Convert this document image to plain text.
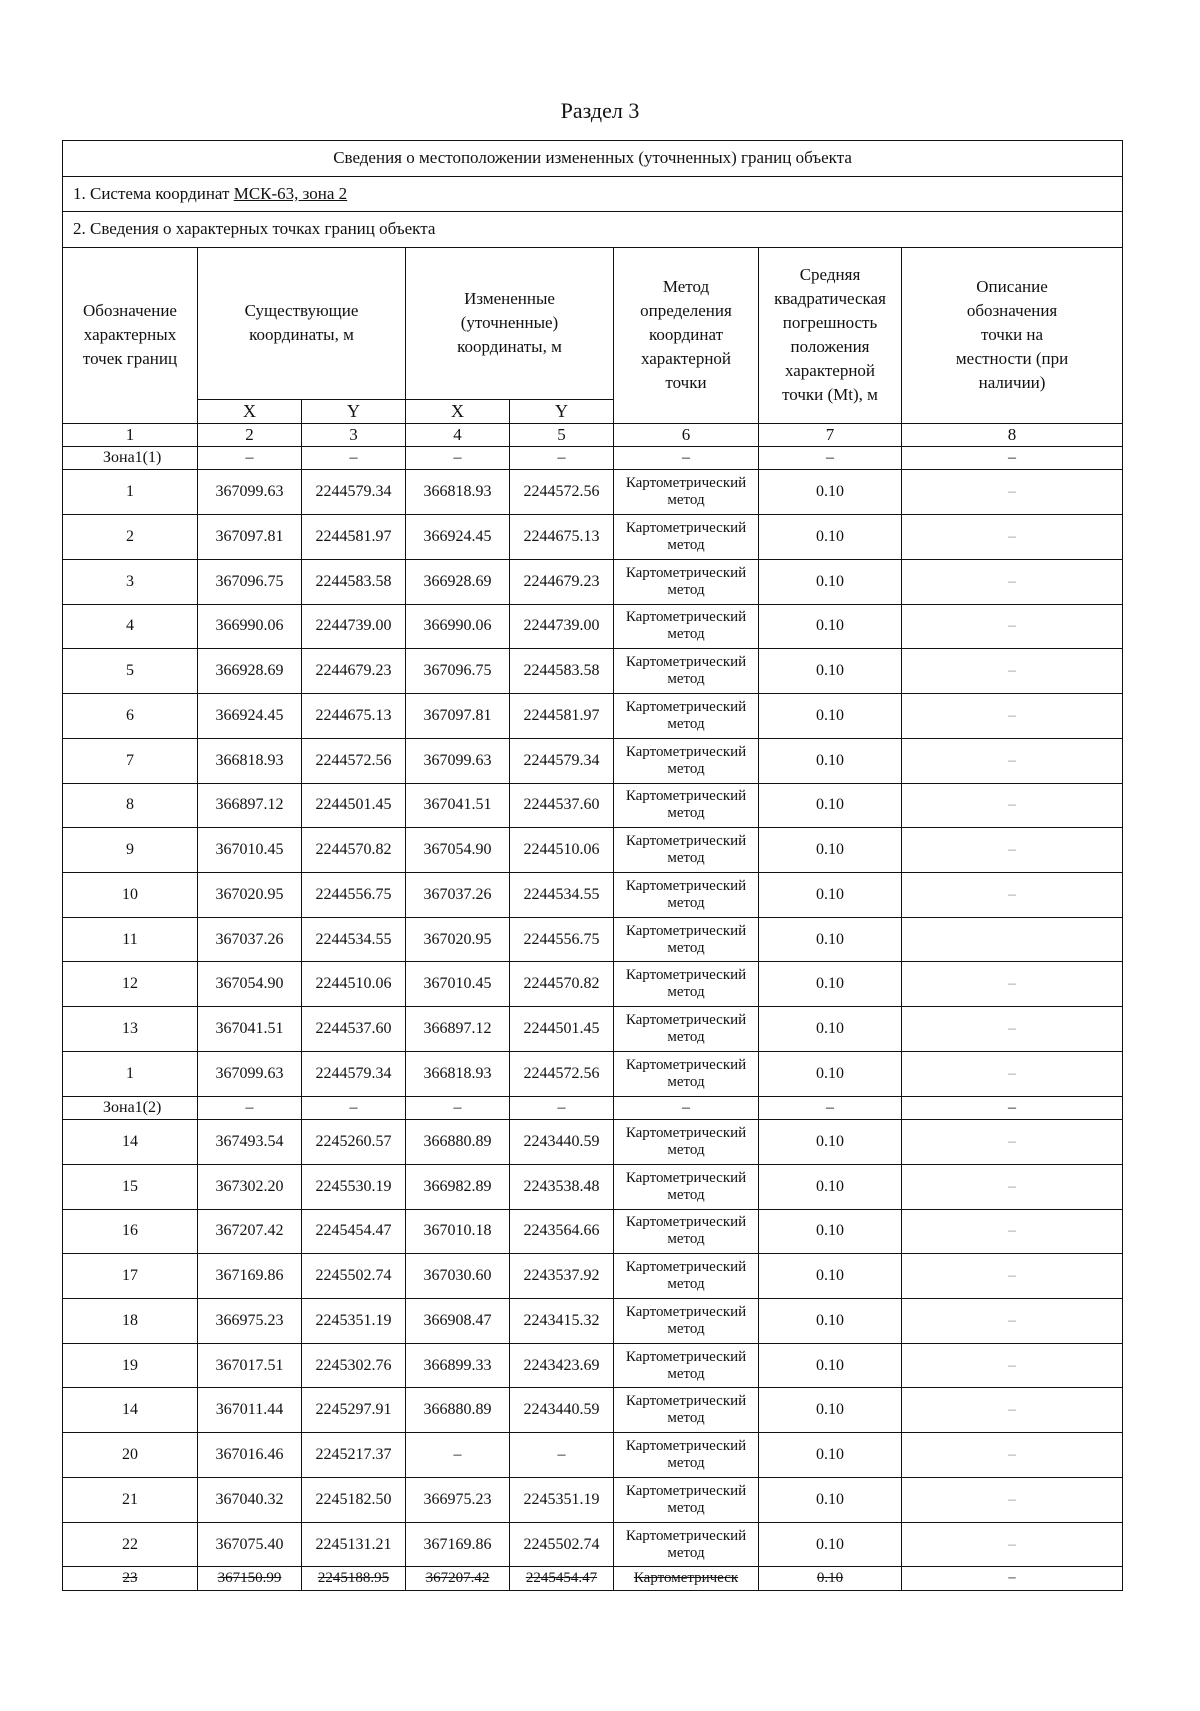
Раздел 3
Сведения о местоположении измененных (уточненных) границ объекта							
1. Система координат МСК-63, зона 2							
2. Сведения о характерных точках границ объекта							
Обозначение характерных точек границ	Существующие координаты, м		Измененные (уточненные) координаты, м		Метод определения координат характерной точки	Средняя квадратическая погрешность положения характерной точки (Mt), м	Описание обозначения точки на местности (при наличии)
	X	Y	X	Y			
1	2	3	4	5	6	7	8
Зона1(1)	–	–	–	–	–	–	–
1	367099.63	2244579.34	366818.93	2244572.56	Картометрический метод	0.10	–
2	367097.81	2244581.97	366924.45	2244675.13	Картометрический метод	0.10	–
3	367096.75	2244583.58	366928.69	2244679.23	Картометрический метод	0.10	–
4	366990.06	2244739.00	366990.06	2244739.00	Картометрический метод	0.10	–
5	366928.69	2244679.23	367096.75	2244583.58	Картометрический метод	0.10	–
6	366924.45	2244675.13	367097.81	2244581.97	Картометрический метод	0.10	–
7	366818.93	2244572.56	367099.63	2244579.34	Картометрический метод	0.10	–
8	366897.12	2244501.45	367041.51	2244537.60	Картометрический метод	0.10	–
9	367010.45	2244570.82	367054.90	2244510.06	Картометрический метод	0.10	–
10	367020.95	2244556.75	367037.26	2244534.55	Картометрический метод	0.10	–
11	367037.26	2244534.55	367020.95	2244556.75	Картометрический метод	0.10	
12	367054.90	2244510.06	367010.45	2244570.82	Картометрический метод	0.10	–
13	367041.51	2244537.60	366897.12	2244501.45	Картометрический метод	0.10	–
1	367099.63	2244579.34	366818.93	2244572.56	Картометрический метод	0.10	–
Зона1(2)	–	–	–	–	–	–	–
14	367493.54	2245260.57	366880.89	2243440.59	Картометрический метод	0.10	–
15	367302.20	2245530.19	366982.89	2243538.48	Картометрический метод	0.10	–
16	367207.42	2245454.47	367010.18	2243564.66	Картометрический метод	0.10	–
17	367169.86	2245502.74	367030.60	2243537.92	Картометрический метод	0.10	–
18	366975.23	2245351.19	366908.47	2243415.32	Картометрический метод	0.10	–
19	367017.51	2245302.76	366899.33	2243423.69	Картометрический метод	0.10	–
14	367011.44	2245297.91	366880.89	2243440.59	Картометрический метод	0.10	–
20	367016.46	2245217.37	–	–	Картометрический метод	0.10	–
21	367040.32	2245182.50	366975.23	2245351.19	Картометрический метод	0.10	–
22	367075.40	2245131.21	367169.86	2245502.74	Картометрический метод	0.10	–
23	367150.99	2245188.95	367207.42	2245454.47	Картометрическ	0.10	–
